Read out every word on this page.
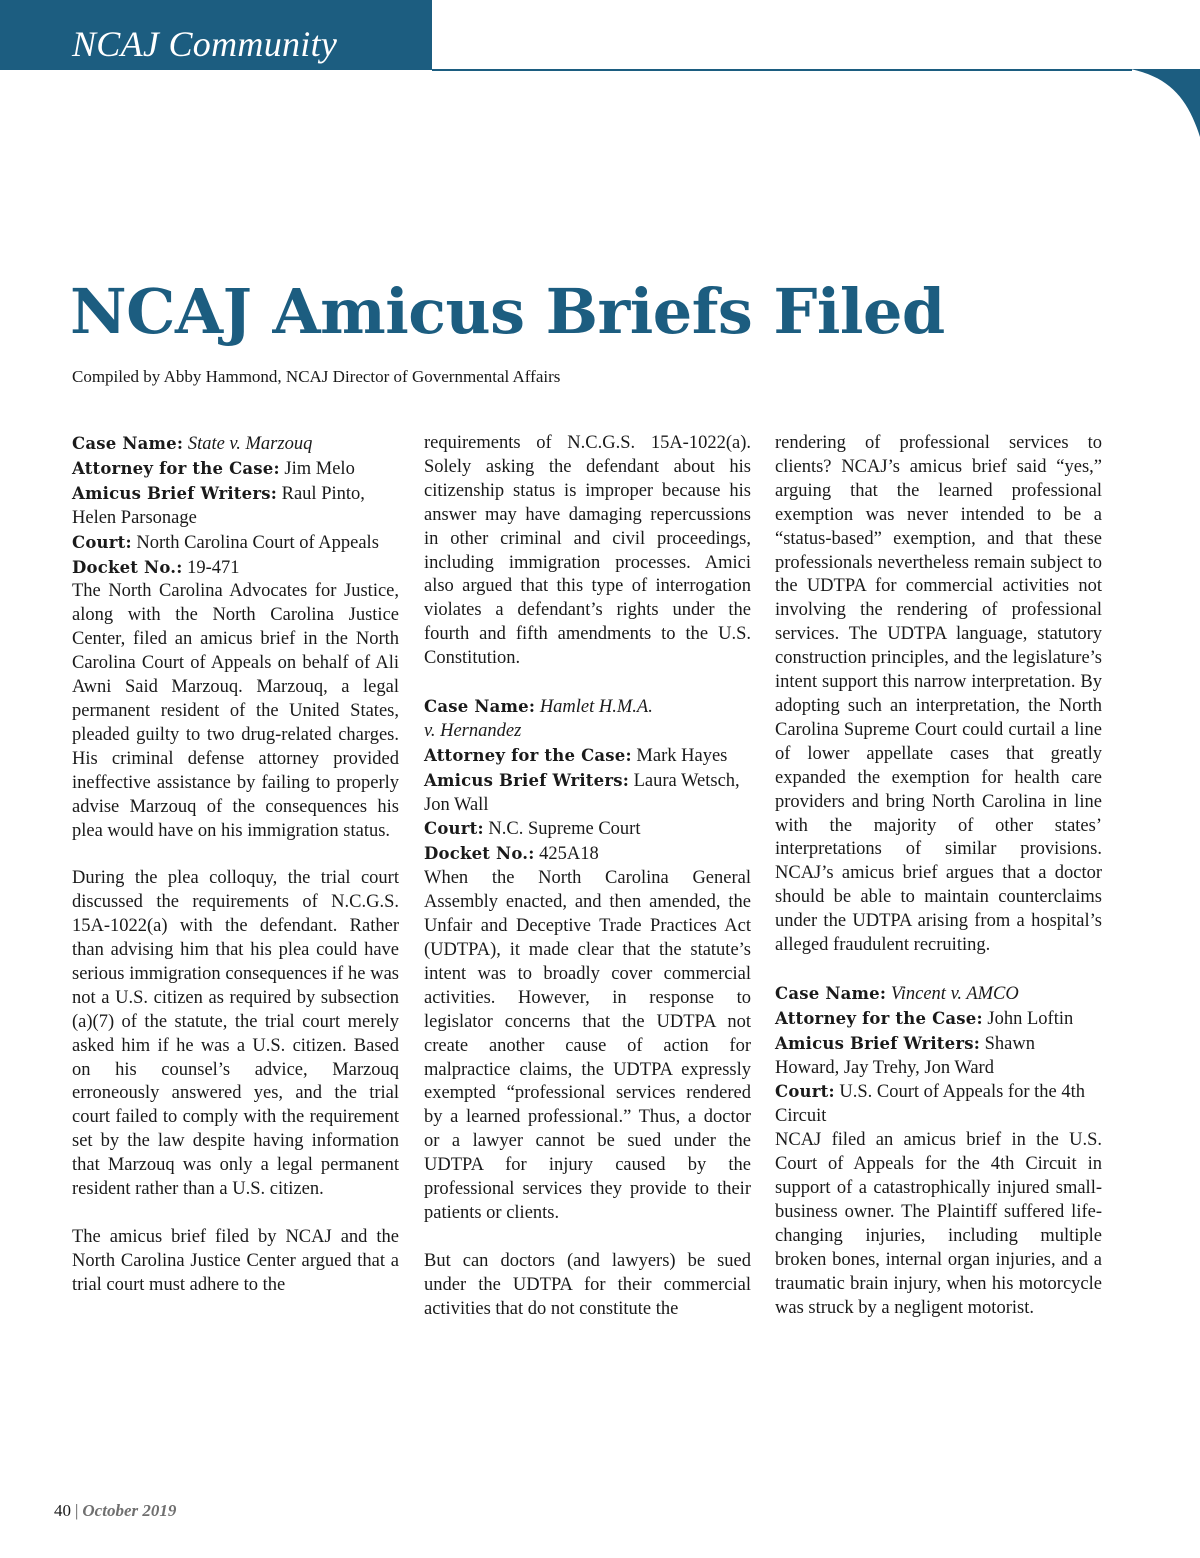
NCAJ Community
NCAJ Amicus Briefs Filed
Compiled by Abby Hammond, NCAJ Director of Governmental Affairs

Case Name: State v. Marzouq

Attorney for the Case: Jim Melo

Amicus Brief Writers: Raul Pinto, Helen Parsonage

Court: North Carolina Court of Appeals

Docket No.: 19-471

The North Carolina Advocates for Justice, along with the North Carolina Justice Center, filed an amicus brief in the North Carolina Court of Appeals on behalf of Ali Awni Said Marzouq. Marzouq, a legal permanent resident of the United States, pleaded guilty to two drug-related charges. His criminal defense attorney provided ineffective assistance by failing to properly advise Marzouq of the consequences his plea would have on his immigration status.

During the plea colloquy, the trial court discussed the requirements of N.C.G.S. 15A-1022(a) with the defendant. Rather than advising him that his plea could have serious immigration consequences if he was not a U.S. citizen as required by subsection (a)(7) of the statute, the trial court merely asked him if he was a U.S. citizen. Based on his counsel’s advice, Marzouq erroneously answered yes, and the trial court failed to comply with the requirement set by the law despite having information that Marzouq was only a legal permanent resident rather than a U.S. citizen.

The amicus brief filed by NCAJ and the North Carolina Justice Center argued that a trial court must adhere to the

requirements of N.C.G.S. 15A-1022(a). Solely asking the defendant about his citizenship status is improper because his answer may have damaging repercussions in other criminal and civil proceedings, including immigration processes. Amici also argued that this type of interrogation violates a defendant’s rights under the fourth and fifth amendments to the U.S. Constitution.

Case Name: Hamlet H.M.A.
v. Hernandez

Attorney for the Case: Mark Hayes

Amicus Brief Writers: Laura Wetsch, Jon Wall

Court: N.C. Supreme Court

Docket No.: 425A18

When the North Carolina General Assembly enacted, and then amended, the Unfair and Deceptive Trade Practices Act (UDTPA), it made clear that the statute’s intent was to broadly cover commercial activities. However, in response to legislator concerns that the UDTPA not create another cause of action for malpractice claims, the UDTPA expressly exempted “professional services rendered by a learned professional.” Thus, a doctor or a lawyer cannot be sued under the UDTPA for injury caused by the professional services they provide to their patients or clients.

But can doctors (and lawyers) be sued under the UDTPA for their commercial activities that do not constitute the

rendering of professional services to clients? NCAJ’s amicus brief said “yes,” arguing that the learned professional exemption was never intended to be a “status-based” exemption, and that these professionals nevertheless remain subject to the UDTPA for commercial activities not involving the rendering of professional services. The UDTPA language, statutory construction principles, and the legislature’s intent support this narrow interpretation. By adopting such an interpretation, the North Carolina Supreme Court could curtail a line of lower appellate cases that greatly expanded the exemption for health care providers and bring North Carolina in line with the majority of other states’ interpretations of similar provisions. NCAJ’s amicus brief argues that a doctor should be able to maintain counterclaims under the UDTPA arising from a hospital’s alleged fraudulent recruiting.

Case Name: Vincent v. AMCO

Attorney for the Case: John Loftin

Amicus Brief Writers: Shawn Howard, Jay Trehy, Jon Ward

Court: U.S. Court of Appeals for the 4th Circuit

NCAJ filed an amicus brief in the U.S. Court of Appeals for the 4th Circuit in support of a catastrophically injured small-business owner. The Plaintiff suffered life-changing injuries, including multiple broken bones, internal organ injuries, and a traumatic brain injury, when his motorcycle was struck by a negligent motorist.

40 | October 2019
